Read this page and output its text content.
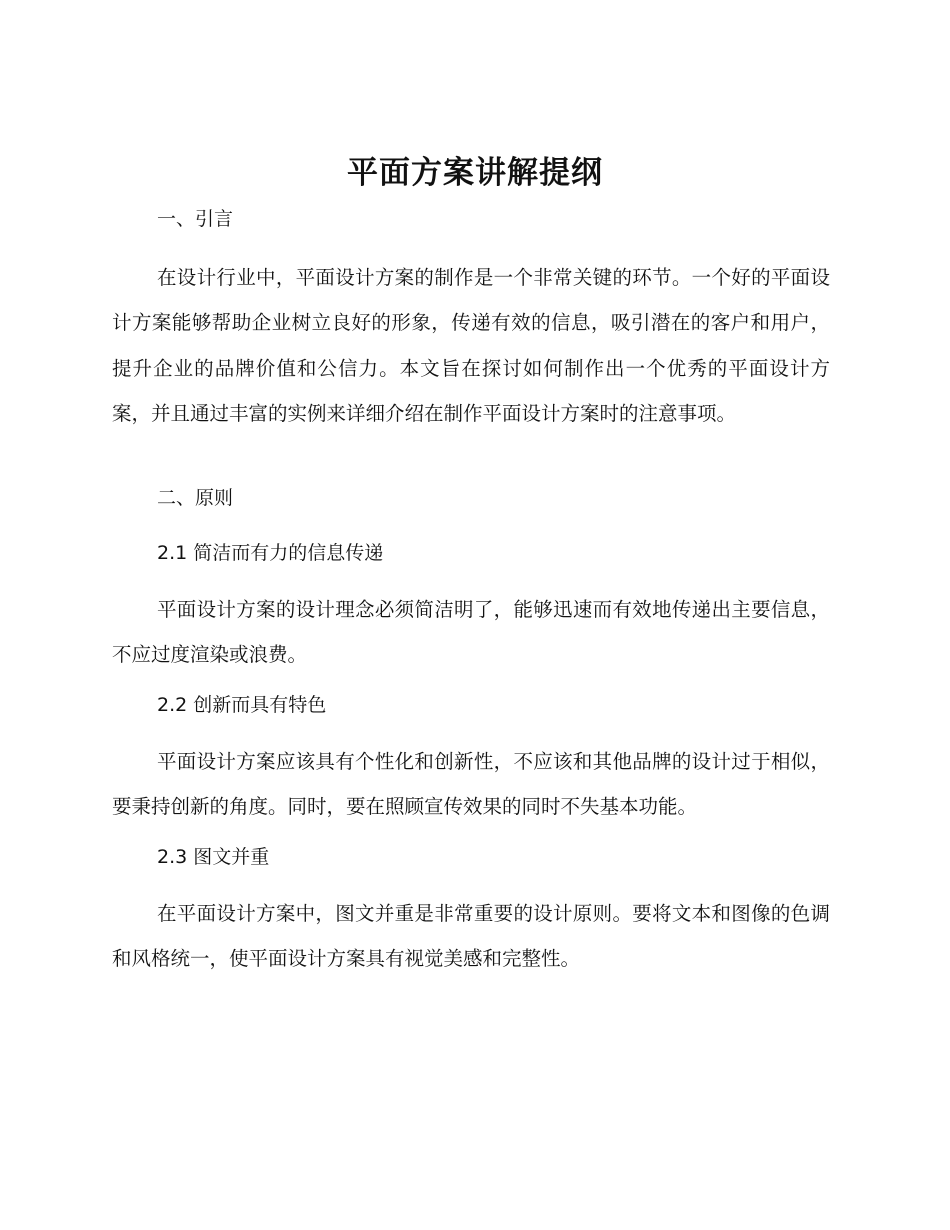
平面方案讲解提纲
一、引言

在设计行业中，平面设计方案的制作是一个非常关键的环节。一个好的平面设计方案能够帮助企业树立良好的形象，传递有效的信息，吸引潜在的客户和用户，提升企业的品牌价值和公信力。本文旨在探讨如何制作出一个优秀的平面设计方案，并且通过丰富的实例来详细介绍在制作平面设计方案时的注意事项。

二、原则
2.1 简洁而有力的信息传递

平面设计方案的设计理念必须简洁明了，能够迅速而有效地传递出主要信息，不应过度渲染或浪费。

2.2 创新而具有特色

平面设计方案应该具有个性化和创新性，不应该和其他品牌的设计过于相似，要秉持创新的角度。同时，要在照顾宣传效果的同时不失基本功能。

2.3 图文并重

在平面设计方案中，图文并重是非常重要的设计原则。要将文本和图像的色调和风格统一，使平面设计方案具有视觉美感和完整性。
